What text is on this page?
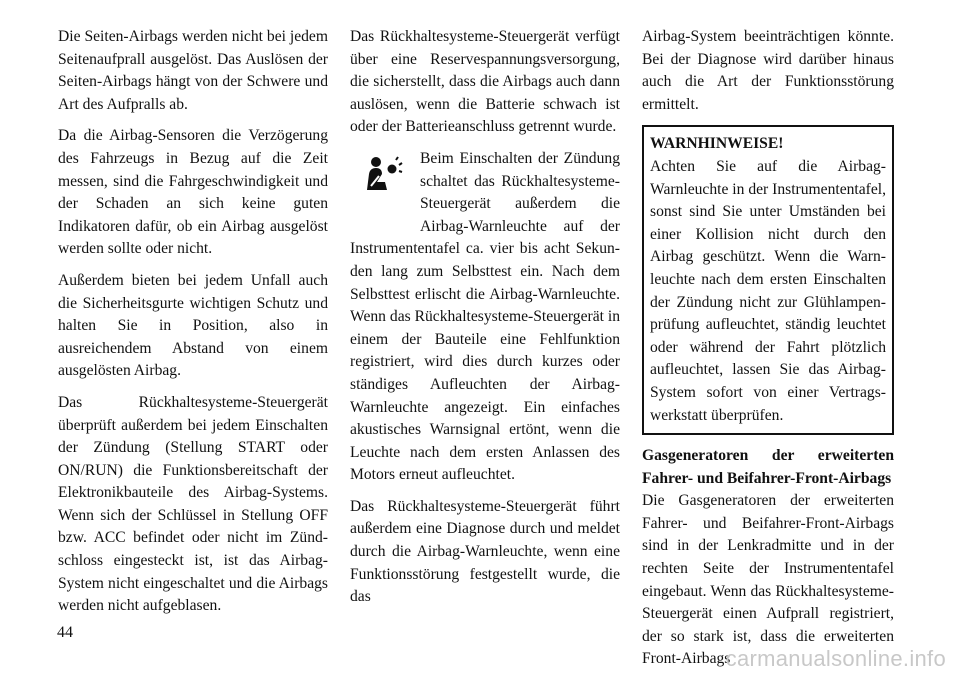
Die Seiten-Airbags werden nicht bei jedem Seitenaufprall ausgelöst. Das Auslösen der Seiten-Airbags hängt von der Schwere und Art des Aufpralls ab.

Da die Airbag-Sensoren die Verzögerung des Fahrzeugs in Bezug auf die Zeit messen, sind die Fahrgeschwindigkeit und der Schaden an sich keine guten Indikatoren dafür, ob ein Airbag ausgelöst werden sollte oder nicht.

Außerdem bieten bei jedem Unfall auch die Sicherheitsgurte wichtigen Schutz und halten Sie in Position, also in ausreichendem Abstand von einem ausgelösten Airbag.

Das Rückhaltesysteme-Steuergerät überprüft außerdem bei jedem Einschalten der Zündung (Stellung START oder ON/RUN) die Funktionsbereitschaft der Elektronikbauteile des Airbag-Systems. Wenn sich der Schlüssel in Stellung OFF bzw. ACC befindet oder nicht im Zündschloss eingesteckt ist, ist das Airbag-System nicht eingeschaltet und die Airbags werden nicht aufgeblasen.

Das Rückhaltesysteme-Steuergerät verfügt über eine Reservespannungsversorgung, die sicherstellt, dass die Airbags auch dann auslösen, wenn die Batterie schwach ist oder der Batterieanschluss getrennt wurde.

Beim Einschalten der Zündung schaltet das Rückhaltesysteme-Steuergerät außerdem die Airbag-Warnleuchte auf der Instrumententafel ca. vier bis acht Sekunden lang zum Selbsttest ein. Nach dem Selbsttest erlischt die Airbag-Warnleuchte. Wenn das Rückhaltesysteme-Steuergerät in einem der Bauteile eine Fehlfunktion registriert, wird dies durch kurzes oder ständiges Aufleuchten der Airbag-Warnleuchte angezeigt. Ein einfaches akustisches Warnsignal ertönt, wenn die Leuchte nach dem ersten Anlassen des Motors erneut aufleuchtet.

Das Rückhaltesysteme-Steuergerät führt außerdem eine Diagnose durch und meldet durch die Airbag-Warnleuchte, wenn eine Funktionsstörung festgestellt wurde, die das

Airbag-System beeinträchtigen könnte. Bei der Diagnose wird darüber hinaus auch die Art der Funktionsstörung ermittelt.

WARNHINWEISE!

Achten Sie auf die Airbag-Warnleuchte in der Instrumententafel, sonst sind Sie unter Umständen bei einer Kollision nicht durch den Airbag geschützt. Wenn die Warnleuchte nach dem ersten Einschalten der Zündung nicht zur Glühlampenprüfung aufleuchtet, ständig leuchtet oder während der Fahrt plötzlich aufleuchtet, lassen Sie das Airbag-System sofort von einer Vertragswerkstatt überprüfen.

Gasgeneratoren der erweiterten Fahrer- und Beifahrer-Front-Airbags

Die Gasgeneratoren der erweiterten Fahrer- und Beifahrer-Front-Airbags sind in der Lenkradmitte und in der rechten Seite der Instrumententafel eingebaut. Wenn das Rückhaltesysteme-Steuergerät einen Aufprall registriert, der so stark ist, dass die erweiterten Front-Airbags

44
carmanualsonline.info
